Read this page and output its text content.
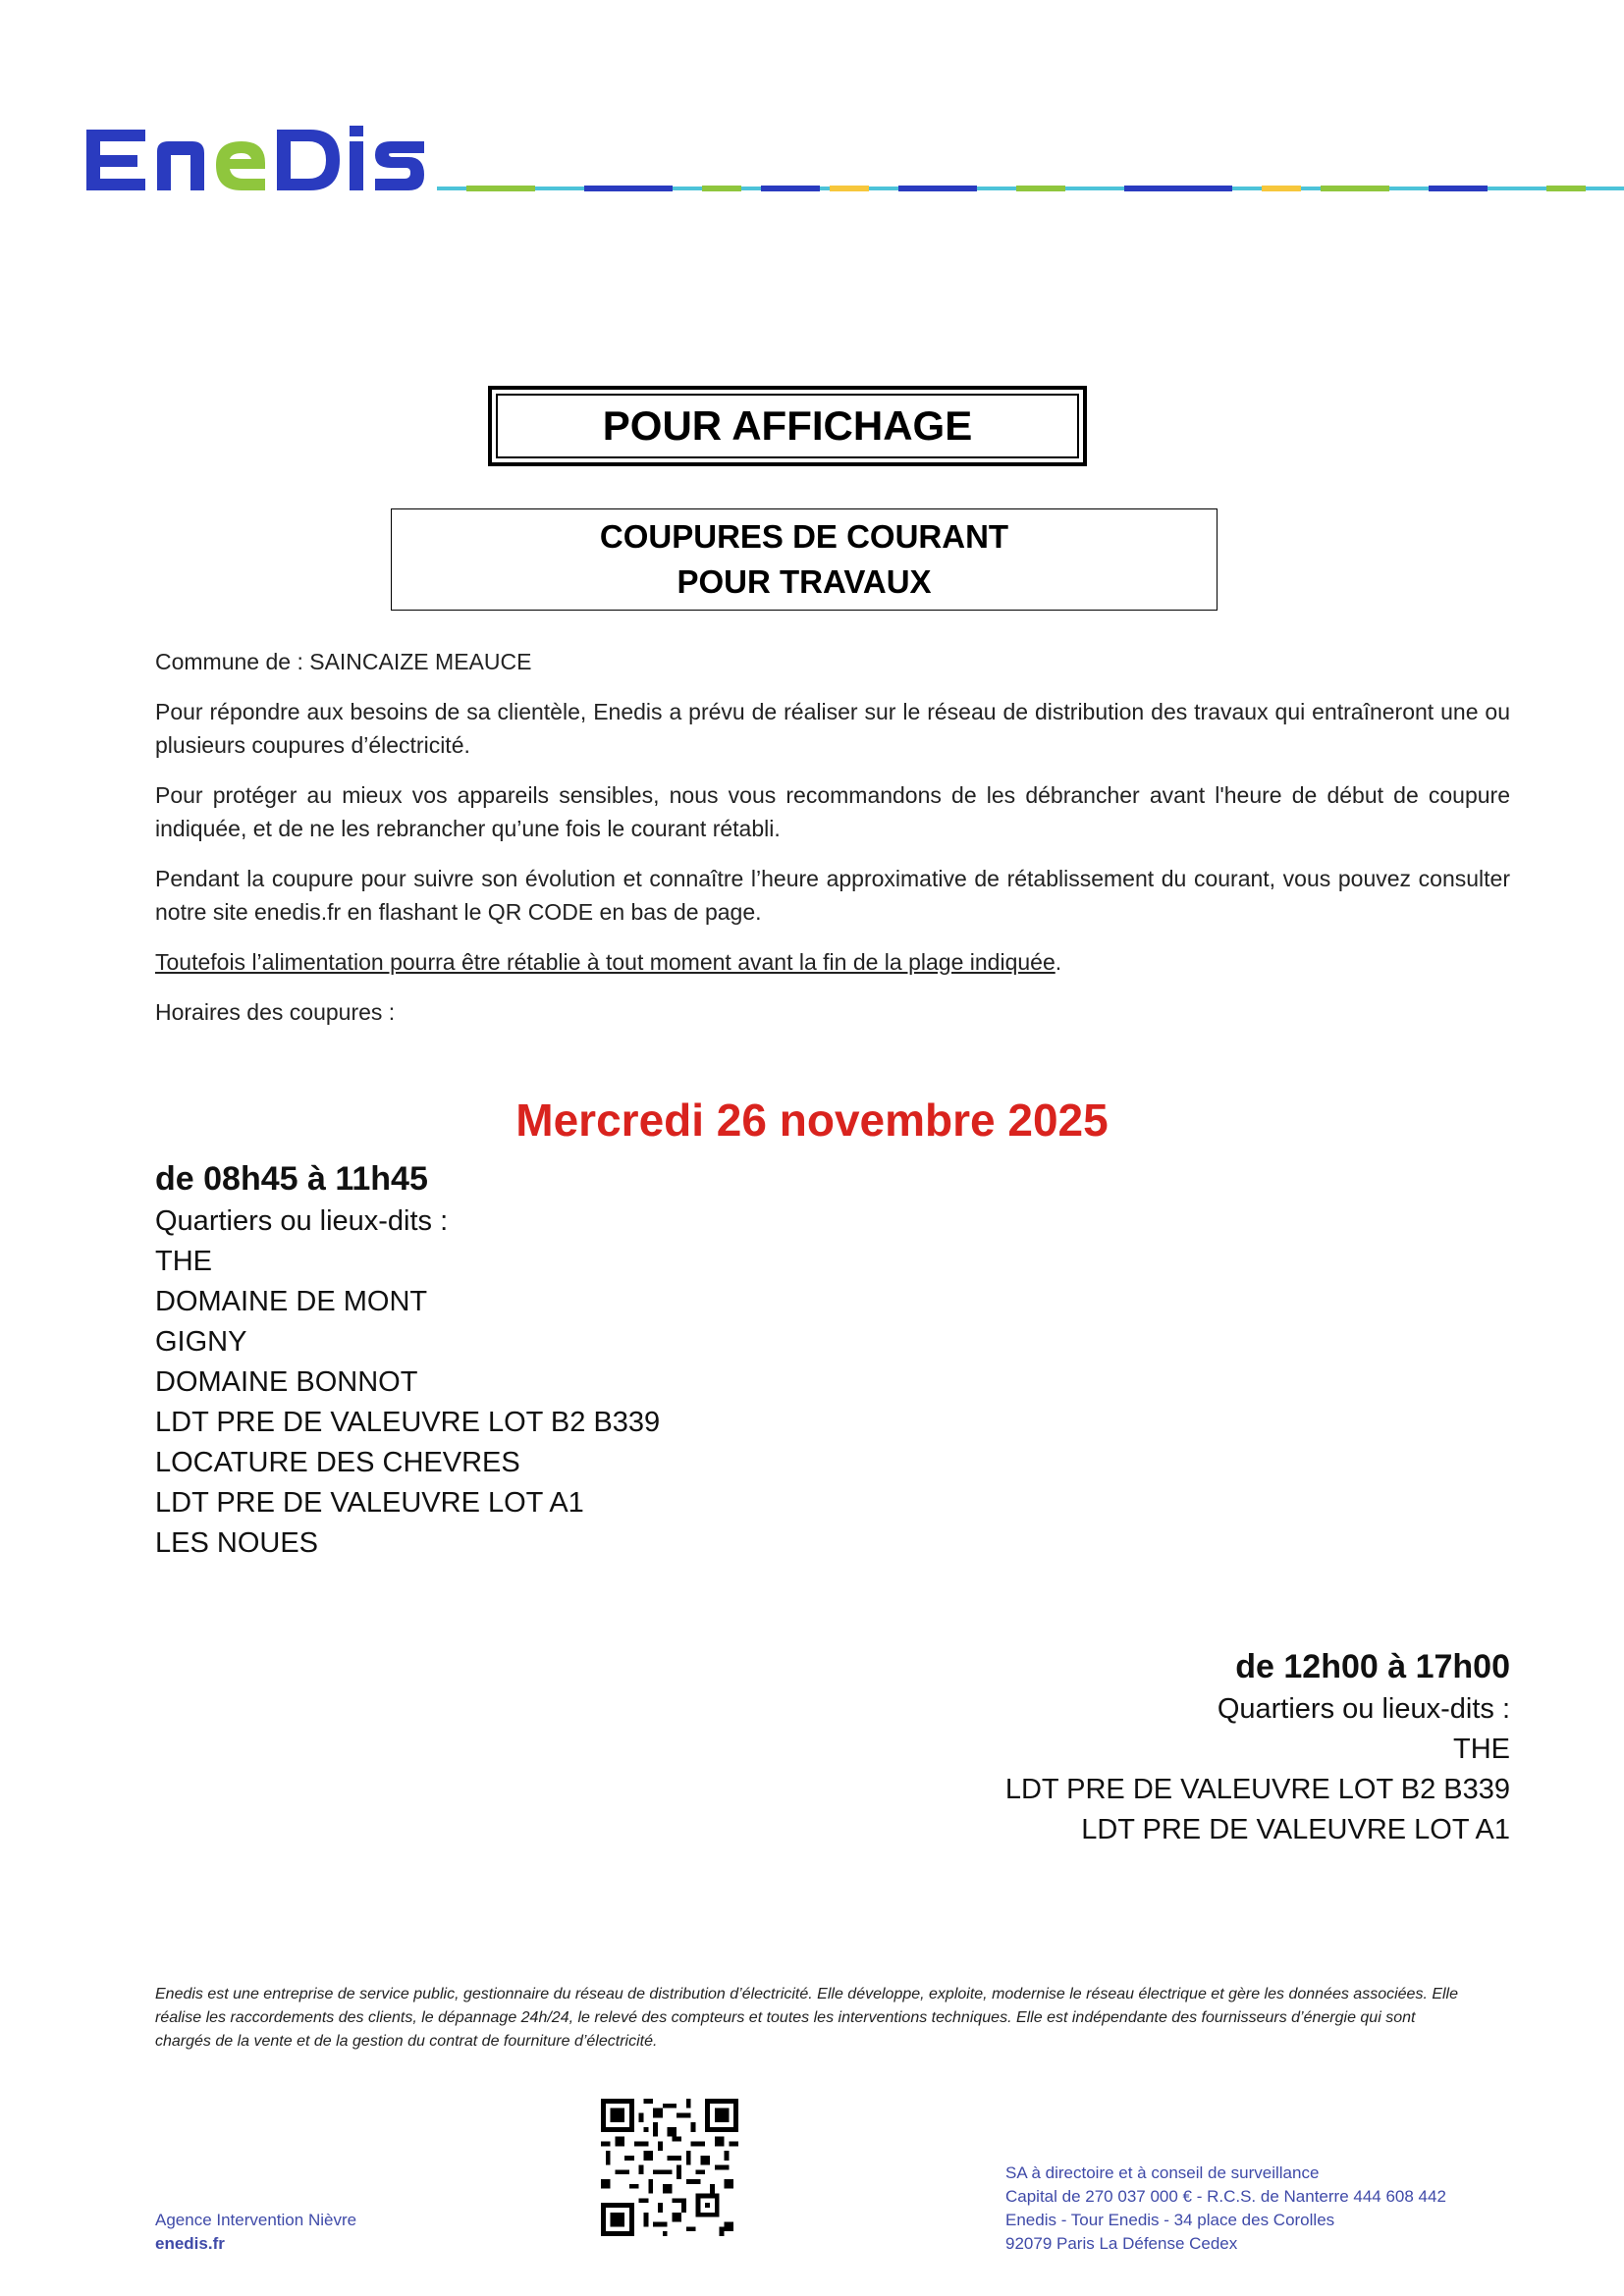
POUR AFFICHAGE
COUPURES DE COURANT
POUR TRAVAUX
Commune de : SAINCAIZE MEAUCE
Pour répondre aux besoins de sa clientèle, Enedis a prévu de réaliser sur le réseau de distribution des travaux qui entraîneront une ou plusieurs coupures d’électricité.
Pour protéger au mieux vos appareils sensibles, nous vous recommandons de les débrancher avant l'heure de début de coupure indiquée, et de ne les rebrancher qu’une fois le courant rétabli.
Pendant la coupure pour suivre son évolution et connaître l’heure approximative de rétablissement du courant, vous pouvez consulter notre site enedis.fr en flashant le QR CODE en bas de page.
Toutefois l’alimentation pourra être rétablie à tout moment avant la fin de la plage indiquée.
Horaires des coupures :
Mercredi 26 novembre 2025
de 08h45 à 11h45
Quartiers ou lieux-dits :
THE
DOMAINE DE MONT
GIGNY
DOMAINE BONNOT
LDT PRE DE VALEUVRE LOT B2 B339
LOCATURE DES CHEVRES
LDT PRE DE VALEUVRE LOT A1
LES NOUES
de 12h00 à 17h00
Quartiers ou lieux-dits :
THE
LDT PRE DE VALEUVRE LOT B2 B339
LDT PRE DE VALEUVRE LOT A1
Enedis est une entreprise de service public, gestionnaire du réseau de distribution d’électricité. Elle développe, exploite, modernise le réseau électrique et gère les données associées. Elle réalise les raccordements des clients, le dépannage 24h/24, le relevé des compteurs et toutes les interventions techniques. Elle est indépendante des fournisseurs d’énergie qui sont chargés de la vente et de la gestion du contrat de fourniture d’électricité.
Agence Intervention Nièvre
enedis.fr
SA à directoire et à conseil de surveillance
Capital de 270 037 000 € - R.C.S. de Nanterre 444 608 442
Enedis - Tour Enedis - 34 place des Corolles
92079 Paris La Défense Cedex
